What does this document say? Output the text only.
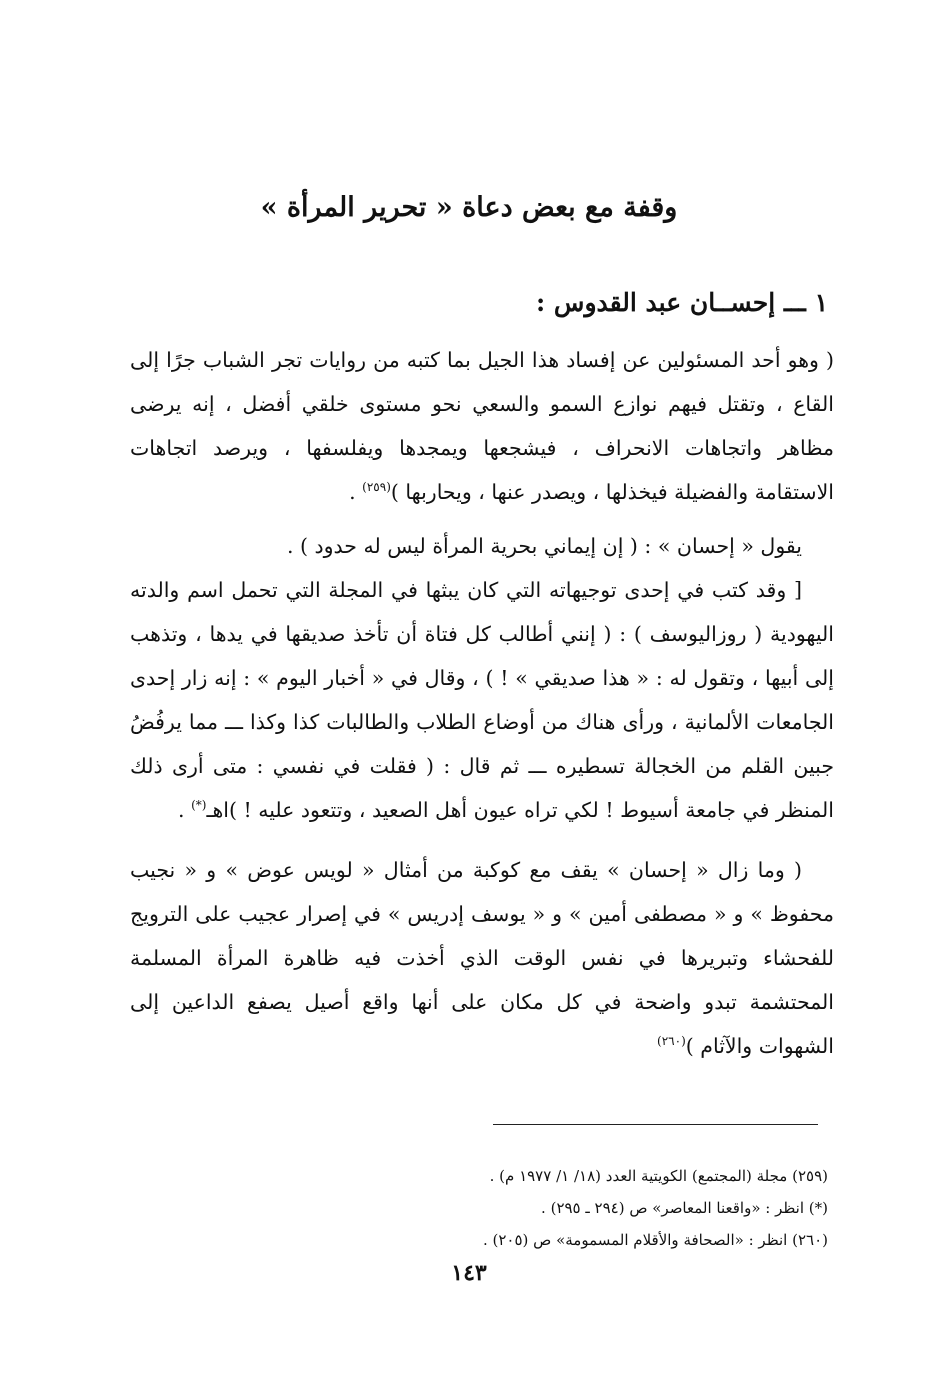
وقفة مع بعض دعاة « تحرير المرأة »
١ ـــ إحســان عبد القدوس :

( وهو أحد المسئولين عن إفساد هذا الجيل بما كتبه من روايات تجر الشباب جرًا إلى القاع ، وتقتل فيهم نوازع السمو والسعي نحو مستوى خلقي أفضل ، إنه يرضى مظاهر واتجاهات الانحراف ، فيشجعها ويمجدها ويفلسفها ، ويرصد اتجاهات الاستقامة والفضيلة فيخذلها ، ويصدر عنها ، ويحاربها )$^{(٢٥٩)}$ .

يقول « إحسان » : ( إن إيماني بحرية المرأة ليس له حدود ) .

[ وقد كتب في إحدى توجيهاته التي كان يبثها في المجلة التي تحمل اسم والدته اليهودية ( روزاليوسف ) : ( إنني أطالب كل فتاة أن تأخذ صديقها في يدها ، وتذهب إلى أبيها ، وتقول له : « هذا صديقي » ! ) ، وقال في « أخبار اليوم » : إنه زار إحدى الجامعات الألمانية ، ورأى هناك من أوضاع الطلاب والطالبات كذا وكذا ـــ مما يرفُضُ جبين القلم من الخجالة تسطيره ـــ ثم قال : ( فقلت في نفسي : متى أرى ذلك المنظر في جامعة أسيوط ! لكي تراه عيون أهل الصعيد ، وتتعود عليه ! )اهـ(*) .

( وما زال « إحسان » يقف مع كوكبة من أمثال « لويس عوض » و « نجيب محفوظ » و « مصطفى أمين » و « يوسف إدريس » في إصرار عجيب على الترويج للفحشاء وتبريرها في نفس الوقت الذي أخذت فيه ظاهرة المرأة المسلمة المحتشمة تبدو واضحة في كل مكان على أنها واقع أصيل يصفع الداعين إلى الشهوات والآثام )$^{(٢٦٠)}$

(٢٥٩) مجلة (المجتمع) الكويتية العدد (١٨/ ١/ ١٩٧٧ م) .
(*) انظر : «واقعنا المعاصر» ص (٢٩٤ ـ ٢٩٥) .
(٢٦٠) انظر : «الصحافة والأقلام المسمومة» ص (٢٠٥) .
١٤٣
